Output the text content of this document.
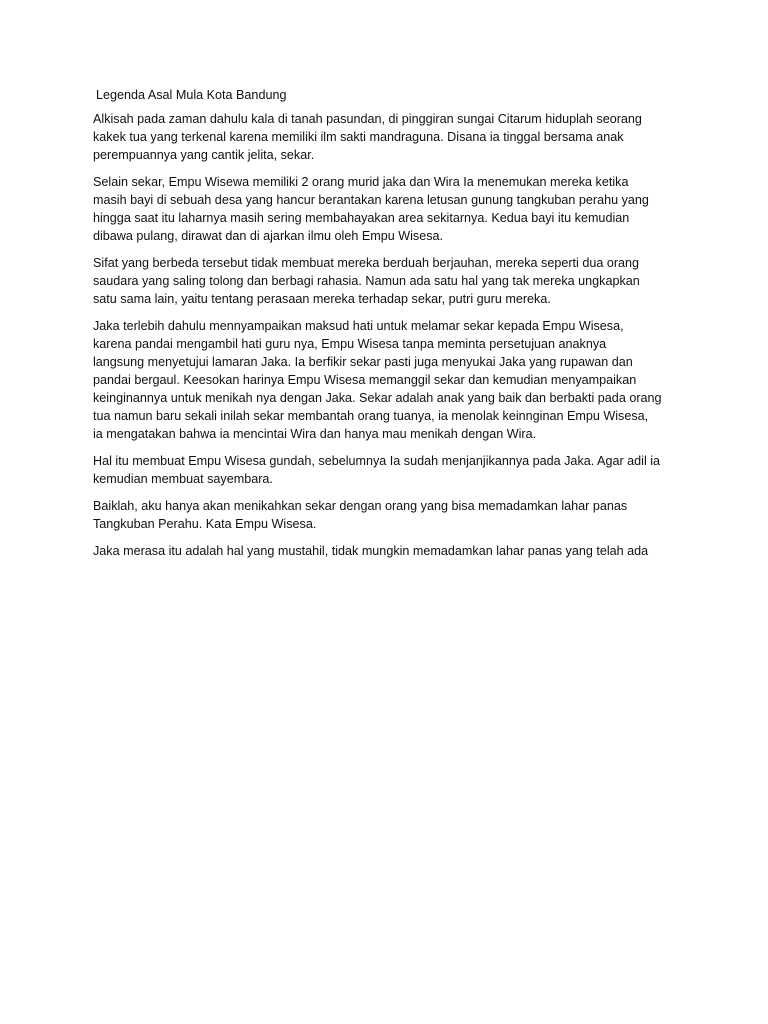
Legenda Asal Mula Kota Bandung

Alkisah pada zaman dahulu kala di tanah pasundan, di pinggiran sungai Citarum hiduplah seorang
kakek tua yang terkenal karena memiliki ilm sakti mandraguna. Disana ia tinggal bersama anak
perempuannya yang cantik jelita, sekar.

Selain sekar, Empu Wisewa memiliki 2 orang murid jaka dan Wira Ia menemukan mereka ketika
masih bayi di sebuah desa yang hancur berantakan karena letusan gunung tangkuban perahu yang
hingga saat itu laharnya masih sering membahayakan area sekitarnya. Kedua bayi itu kemudian
dibawa pulang, dirawat dan di ajarkan ilmu oleh Empu Wisesa.

Sifat yang berbeda tersebut tidak membuat mereka berduah berjauhan, mereka seperti dua orang
saudara yang saling tolong dan berbagi rahasia. Namun ada satu hal yang tak mereka ungkapkan
satu sama lain, yaitu tentang perasaan mereka terhadap sekar, putri guru mereka.

Jaka terlebih dahulu mennyampaikan maksud hati untuk melamar sekar kepada Empu Wisesa,
karena pandai mengambil hati guru nya, Empu Wisesa tanpa meminta persetujuan anaknya
langsung menyetujui lamaran Jaka. Ia berfikir sekar pasti juga menyukai Jaka yang rupawan dan
pandai bergaul. Keesokan harinya Empu Wisesa memanggil sekar dan kemudian menyampaikan
keinginannya untuk menikah nya dengan Jaka. Sekar adalah anak yang baik dan berbakti pada orang
tua namun baru sekali inilah sekar membantah orang tuanya, ia menolak keinnginan Empu Wisesa,
ia mengatakan bahwa ia mencintai Wira dan hanya mau menikah dengan Wira.

Hal itu membuat Empu Wisesa gundah, sebelumnya Ia sudah menjanjikannya pada Jaka. Agar adil ia
kemudian membuat sayembara.

Baiklah, aku hanya akan menikahkan sekar dengan orang yang bisa memadamkan lahar panas
Tangkuban Perahu. Kata Empu Wisesa.

Jaka merasa itu adalah hal yang mustahil, tidak mungkin memadamkan lahar panas yang telah ada
